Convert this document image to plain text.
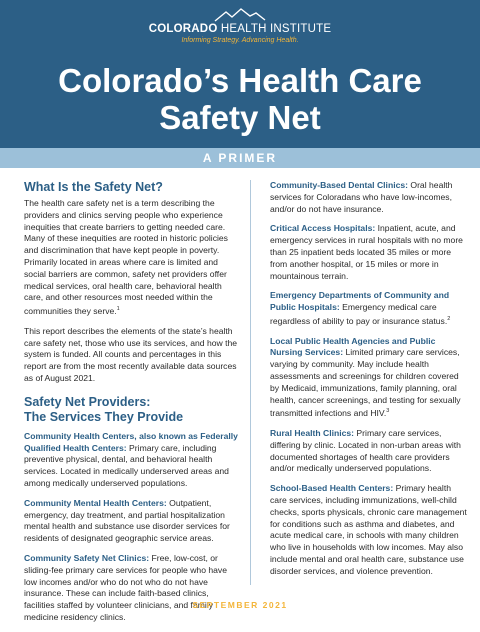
COLORADO HEALTH INSTITUTE
Informing Strategy. Advancing Health.
Colorado’s Health Care
Safety Net
A PRIMER
What Is the Safety Net?

The health care safety net is a term describing the providers and clinics serving people who experience inequities that create barriers to getting needed care. Many of these inequities are rooted in historic policies and discrimination that have kept people in poverty. Primarily located in areas where care is limited and social barriers are common, safety net providers offer medical services, oral health care, behavioral health care, and other resources most needed within the communities they serve.$^1$

This report describes the elements of the state’s health care safety net, those who use its services, and how the system is funded. All counts and percentages in this report are from the most recently available data sources as of August 2021.

Safety Net Providers:
The Services They Provide

Community Health Centers, also known as Federally Qualified Health Centers: Primary care, including preventive physical, dental, and behavioral health services. Located in medically underserved areas and among medically underserved populations.

Community Mental Health Centers: Outpatient, emergency, day treatment, and partial hospitalization mental health and substance use disorder services for residents of designated geographic service areas.

Community Safety Net Clinics: Free, low-cost, or sliding-fee primary care services for people who have low incomes and/or who do not who do not have insurance. These can include faith-based clinics, facilities staffed by volunteer clinicians, and family medicine residency clinics.

Community-Based Dental Clinics: Oral health services for Coloradans who have low-incomes, and/or do not have insurance.

Critical Access Hospitals: Inpatient, acute, and emergency services in rural hospitals with no more than 25 inpatient beds located 35 miles or more from another hospital, or 15 miles or more in mountainous terrain.

Emergency Departments of Community and Public Hospitals: Emergency medical care regardless of ability to pay or insurance status.$^2$

Local Public Health Agencies and Public Nursing Services: Limited primary care services, varying by community. May include health assessments and screenings for children covered by Medicaid, immunizations, family planning, oral health, cancer screenings, and testing for sexually transmitted infections and HIV.$^3$

Rural Health Clinics: Primary care services, differing by clinic. Located in non-urban areas with documented shortages of health care providers and/or medically underserved populations.

School-Based Health Centers: Primary health care services, including immunizations, well-child checks, sports physicals, chronic care management for conditions such as asthma and diabetes, and acute medical care, in schools with many children who live in households with low incomes. May also include mental and oral health care, substance use disorder services, and violence prevention.

SEPTEMBER 2021
